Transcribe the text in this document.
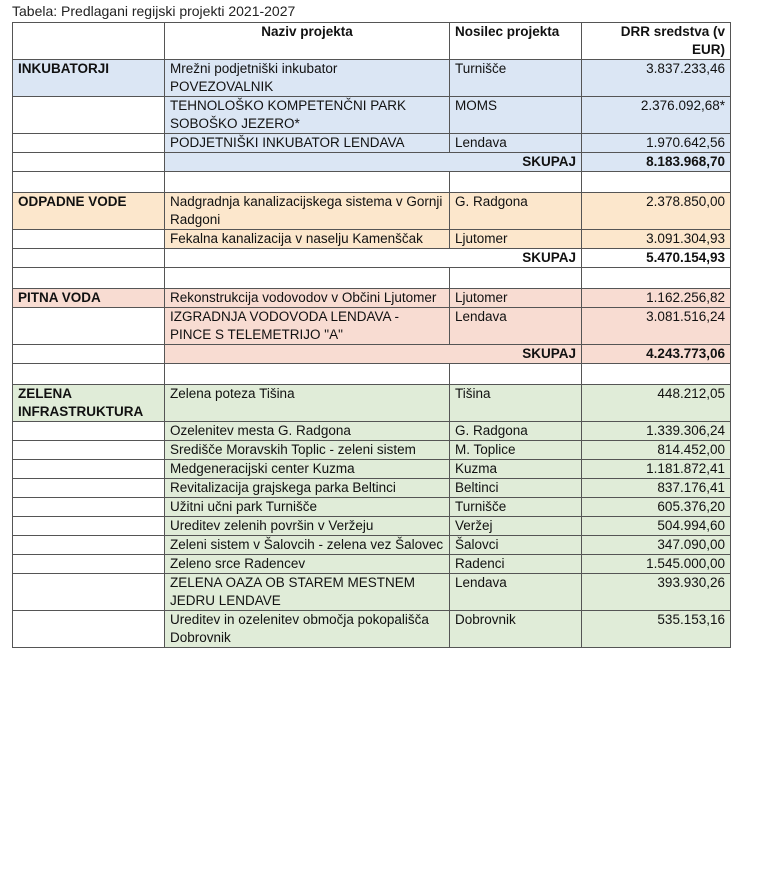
Tabela: Predlagani regijski projekti 2021-2027
	Naziv projekta	Nosilec projekta	DRR sredstva (v EUR)
INKUBATORJI	Mrežni podjetniški inkubator POVEZOVALNIK	Turnišče	3.837.233,46
	TEHNOLOŠKO KOMPETENČNI PARK SOBOŠKO JEZERO*	MOMS	2.376.092,68*
	PODJETNIŠKI INKUBATOR LENDAVA	Lendava	1.970.642,56
	SKUPAJ		8.183.968,70

ODPADNE VODE	Nadgradnja kanalizacijskega sistema v Gornji Radgoni	G. Radgona	2.378.850,00
	Fekalna kanalizacija v naselju Kamenščak	Ljutomer	3.091.304,93
	SKUPAJ		5.470.154,93

PITNA VODA	Rekonstrukcija vodovodov v Občini Ljutomer	Ljutomer	1.162.256,82
	IZGRADNJA VODOVODA LENDAVA - PINCE S TELEMETRIJO "A"	Lendava	3.081.516,24
	SKUPAJ		4.243.773,06

ZELENA INFRASTRUKTURA	Zelena poteza Tišina	Tišina	448.212,05
	Ozelenitev mesta G. Radgona	G. Radgona	1.339.306,24
	Središče Moravskih Toplic - zeleni sistem	M. Toplice	814.452,00
	Medgeneracijski center Kuzma	Kuzma	1.181.872,41
	Revitalizacija grajskega parka Beltinci	Beltinci	837.176,41
	Užitni učni park Turnišče	Turnišče	605.376,20
	Ureditev zelenih površin v Veržeju	Veržej	504.994,60
	Zeleni sistem v Šalovcih - zelena vez Šalovec	Šalovci	347.090,00
	Zeleno srce Radencev	Radenci	1.545.000,00
	ZELENA OAZA OB STAREM MESTNEM JEDRU LENDAVE	Lendava	393.930,26
	Ureditev in ozelenitev območja pokopališča Dobrovnik	Dobrovnik	535.153,16
